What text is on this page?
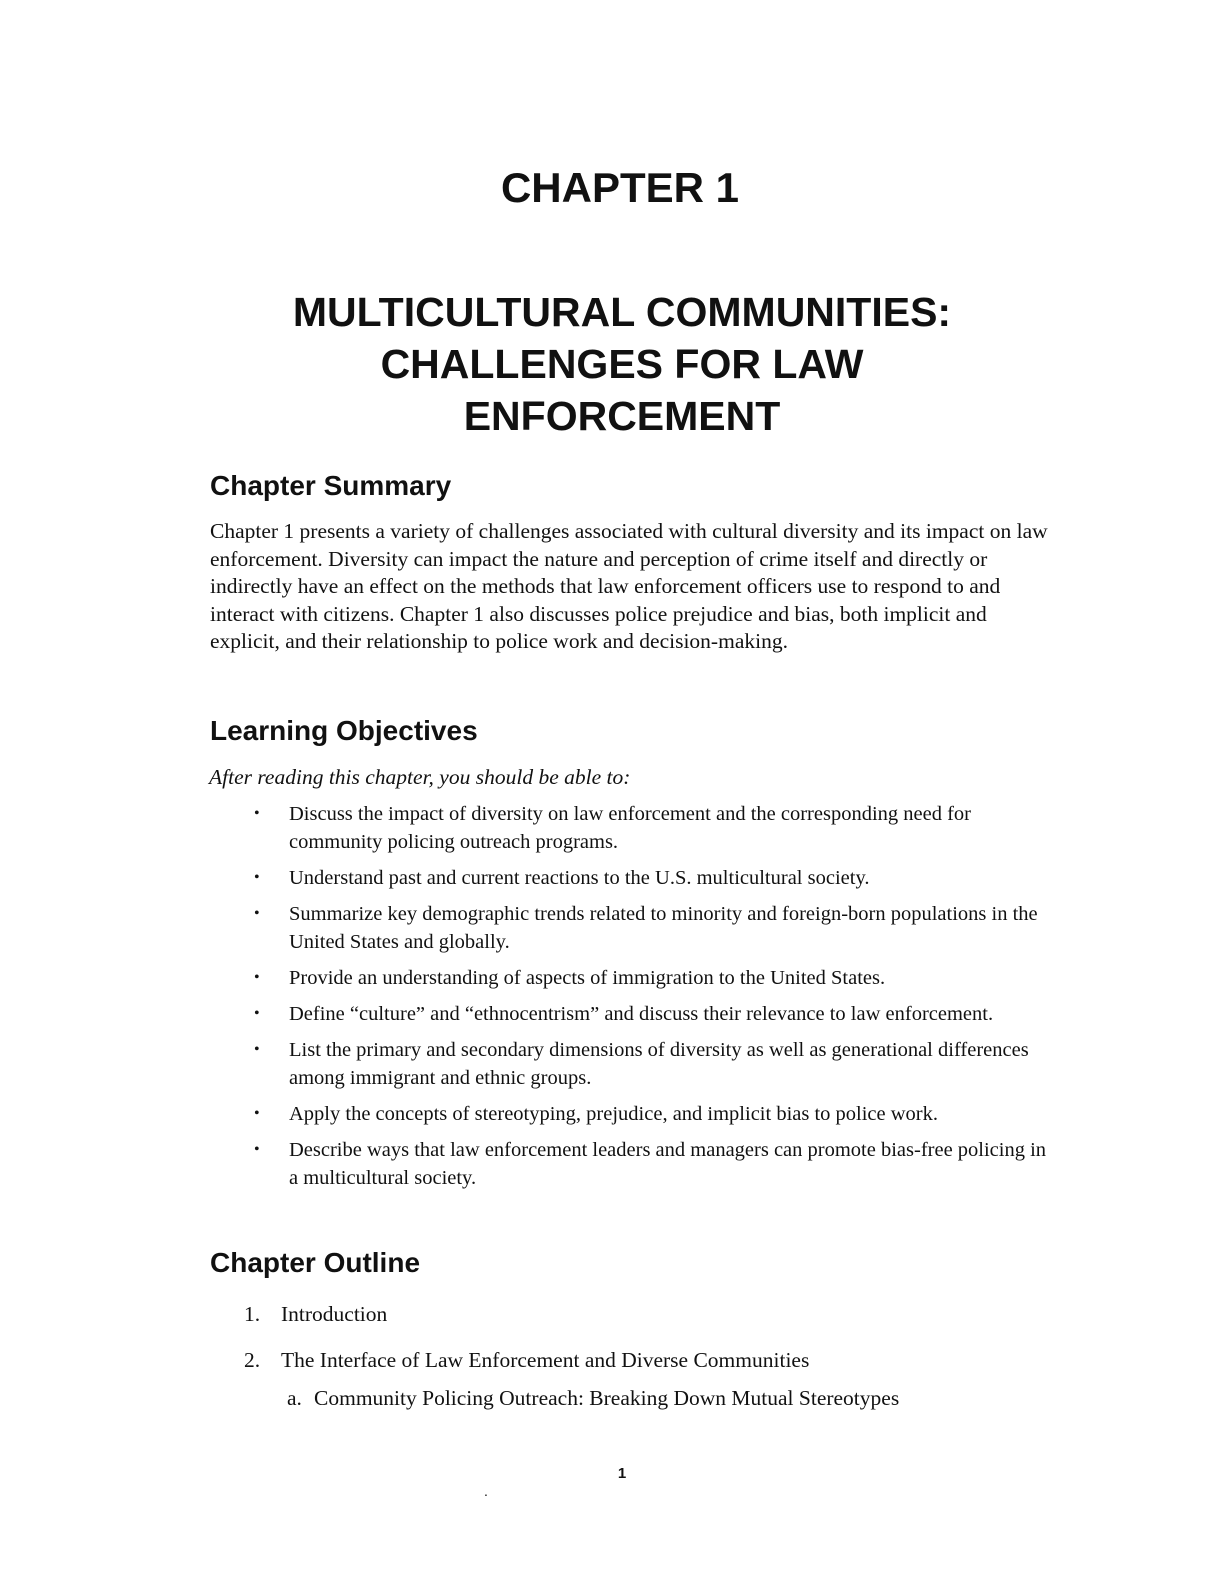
CHAPTER 1
MULTICULTURAL COMMUNITIES:
CHALLENGES FOR LAW
ENFORCEMENT
Chapter Summary

Chapter 1 presents a variety of challenges associated with cultural diversity and its impact on law enforcement. Diversity can impact the nature and perception of crime itself and directly or indirectly have an effect on the methods that law enforcement officers use to respond to and interact with citizens. Chapter 1 also discusses police prejudice and bias, both implicit and explicit, and their relationship to police work and decision-making.

Learning Objectives

After reading this chapter, you should be able to:

• Discuss the impact of diversity on law enforcement and the corresponding need for community policing outreach programs.
• Understand past and current reactions to the U.S. multicultural society.
• Summarize key demographic trends related to minority and foreign-born populations in the United States and globally.
• Provide an understanding of aspects of immigration to the United States.
• Define “culture” and “ethnocentrism” and discuss their relevance to law enforcement.
• List the primary and secondary dimensions of diversity as well as generational differences among immigrant and ethnic groups.
• Apply the concepts of stereotyping, prejudice, and implicit bias to police work.
• Describe ways that law enforcement leaders and managers can promote bias-free policing in a multicultural society.
Chapter Outline
1. Introduction
2. The Interface of Law Enforcement and Diverse Communities
a. Community Policing Outreach: Breaking Down Mutual Stereotypes

1

.
